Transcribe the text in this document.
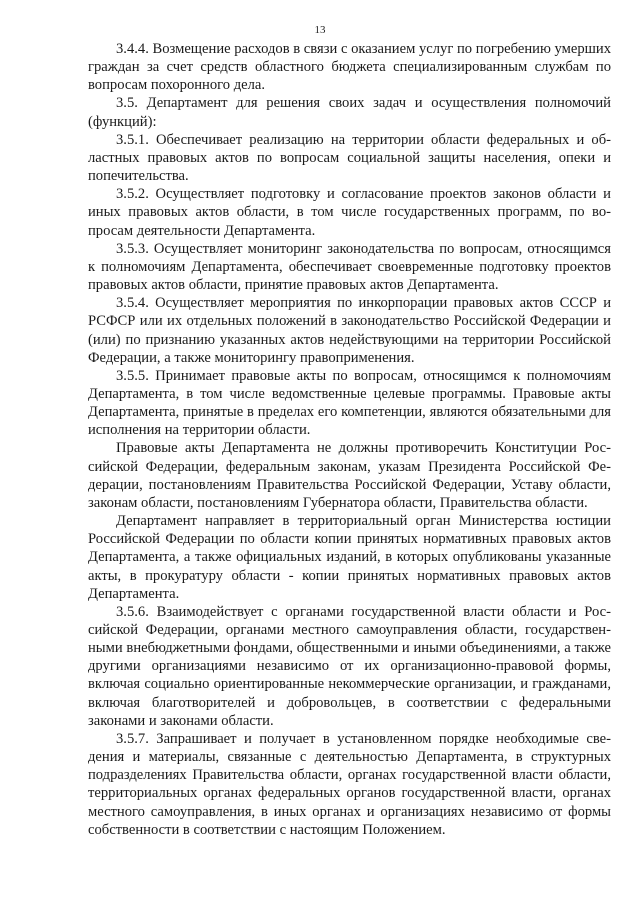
13

3.4.4. Возмещение расходов в связи с оказанием услуг по погребению умерших граждан за счет средств областного бюджета специализированным службам по вопросам похоронного дела.

3.5. Департамент для решения своих задач и осуществления полномочий (функций):

3.5.1. Обеспечивает реализацию на территории области федеральных и областных правовых актов по вопросам социальной защиты населения, опеки и попечительства.

3.5.2. Осуществляет подготовку и согласование проектов законов области и иных правовых актов области, в том числе государственных программ, по вопросам деятельности Департамента.

3.5.3. Осуществляет мониторинг законодательства по вопросам, относящимся к полномочиям Департамента, обеспечивает своевременные подготовку проектов правовых актов области, принятие правовых актов Департамента.

3.5.4. Осуществляет мероприятия по инкорпорации правовых актов СССР и РСФСР или их отдельных положений в законодательство Российской Федерации и (или) по признанию указанных актов недействующими на территории Российской Федерации, а также мониторингу правоприменения.

3.5.5. Принимает правовые акты по вопросам, относящимся к полномочиям Департамента, в том числе ведомственные целевые программы. Правовые акты Департамента, принятые в пределах его компетенции, являются обязательными для исполнения на территории области.

Правовые акты Департамента не должны противоречить Конституции Российской Федерации, федеральным законам, указам Президента Российской Федерации, постановлениям Правительства Российской Федерации, Уставу области, законам области, постановлениям Губернатора области, Правительства области.

Департамент направляет в территориальный орган Министерства юстиции Российской Федерации по области копии принятых нормативных правовых актов Департамента, а также официальных изданий, в которых опубликованы указанные акты, в прокуратуру области - копии принятых нормативных правовых актов Департамента.

3.5.6. Взаимодействует с органами государственной власти области и Российской Федерации, органами местного самоуправления области, государственными внебюджетными фондами, общественными и иными объединениями, а также другими организациями независимо от их организационно-правовой формы, включая социально ориентированные некоммерческие организации, и гражданами, включая благотворителей и добровольцев, в соответствии с федеральными законами и законами области.

3.5.7. Запрашивает и получает в установленном порядке необходимые сведения и материалы, связанные с деятельностью Департамента, в структурных подразделениях Правительства области, органах государственной власти области, территориальных органах федеральных органов государственной власти, органах местного самоуправления, в иных органах и организациях независимо от формы собственности в соответствии с настоящим Положением.
